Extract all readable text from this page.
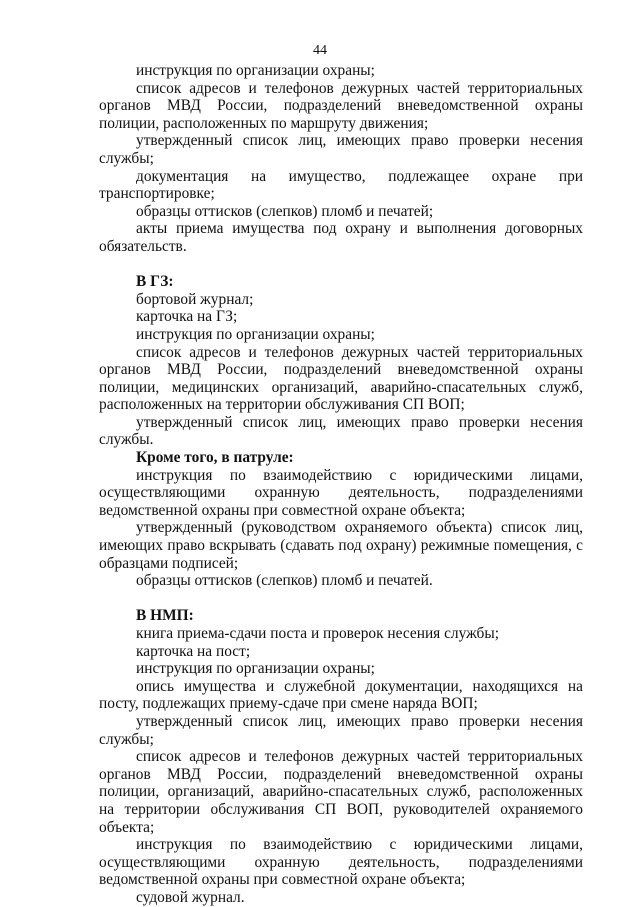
44

инструкция по организации охраны;

список адресов и телефонов дежурных частей территориальных органов МВД России, подразделений вневедомственной охраны полиции, расположенных по маршруту движения;

утвержденный список лиц, имеющих право проверки несения службы;

документация на имущество, подлежащее охране при транспортировке;

образцы оттисков (слепков) пломб и печатей;

акты приема имущества под охрану и выполнения договорных обязательств.

В ГЗ:

бортовой журнал;

карточка на ГЗ;

инструкция по организации охраны;

список адресов и телефонов дежурных частей территориальных органов МВД России, подразделений вневедомственной охраны полиции, медицинских организаций, аварийно-спасательных служб, расположенных на территории обслуживания СП ВОП;

утвержденный список лиц, имеющих право проверки несения службы.

Кроме того, в патруле:

инструкция по взаимодействию с юридическими лицами, осуществляющими охранную деятельность, подразделениями ведомственной охраны при совместной охране объекта;

утвержденный (руководством охраняемого объекта) список лиц, имеющих право вскрывать (сдавать под охрану) режимные помещения, с образцами подписей;

образцы оттисков (слепков) пломб и печатей.

В НМП:

книга приема-сдачи поста и проверок несения службы;

карточка на пост;

инструкция по организации охраны;

опись имущества и служебной документации, находящихся на посту, подлежащих приему-сдаче при смене наряда ВОП;

утвержденный список лиц, имеющих право проверки несения службы;

список адресов и телефонов дежурных частей территориальных органов МВД России, подразделений вневедомственной охраны полиции, организаций, аварийно-спасательных служб, расположенных на территории обслуживания СП ВОП, руководителей охраняемого объекта;

инструкция по взаимодействию с юридическими лицами, осуществляющими охранную деятельность, подразделениями ведомственной охраны при совместной охране объекта;

судовой журнал.
